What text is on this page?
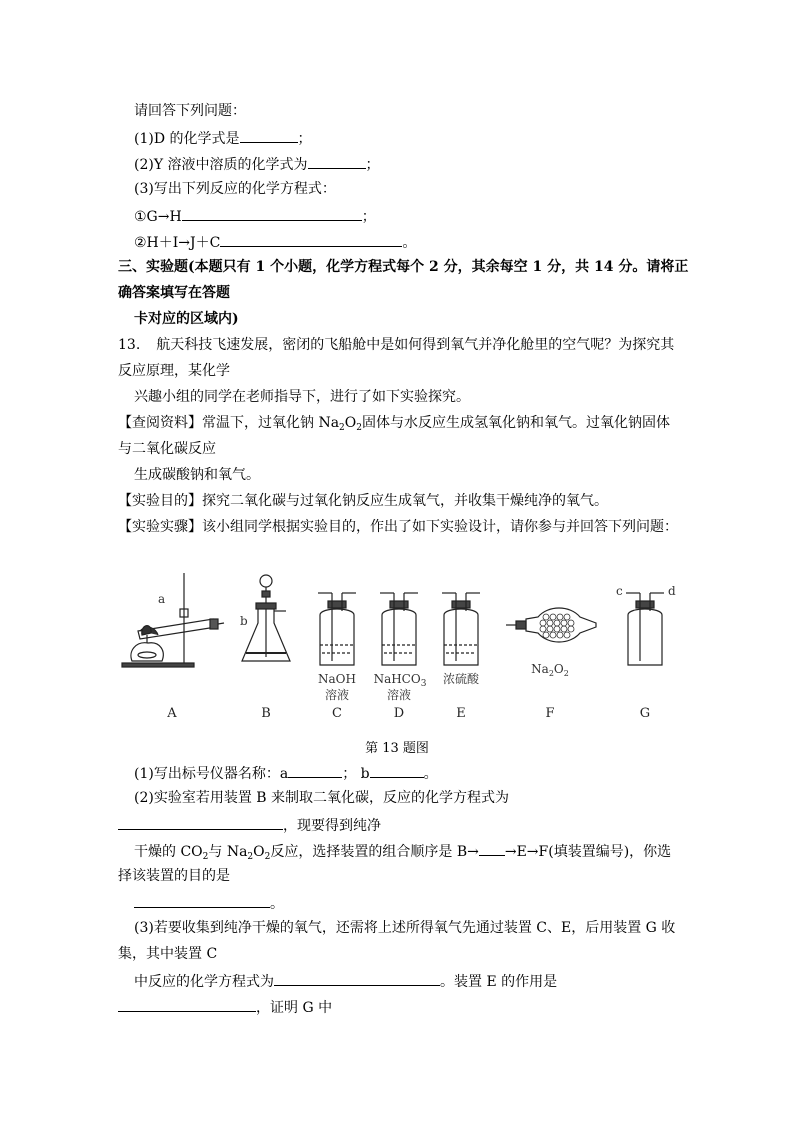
请回答下列问题：
(1)D 的化学式是	；
(2)Y 溶液中溶质的化学式为	；
(3)写出下列反应的化学方程式：
①G→H	；
②H＋I→J＋C	。
三、实验题(本题只有 1 个小题，化学方程式每个 2 分，其余每空 1 分，共 14 分。请将正
确答案填写在答题
卡对应的区域内)
13. 航天科技飞速发展，密闭的飞船舱中是如何得到氧气并净化舱里的空气呢？为探究其
反应原理，某化学
兴趣小组的同学在老师指导下，进行了如下实验探究。
【查阅资料】常温下，过氧化钠 $Na_2O_2$固体与水反应生成氢氧化钠和氧气。过氧化钠固体
与二氧化碳反应
生成碳酸钠和氧气。
【实验目的】探究二氧化碳与过氧化钠反应生成氧气，并收集干燥纯净的氧气。
【实验实骤】该小组同学根据实验目的，作出了如下实验设计，请你参与并回答下列问题：
a
b
NaOH
溶液
NaHCO$_3$
溶液
浓硫酸
$Na_2O_2$
c	d
A	B	C	D	E	F	G
第 13 题图
(1)写出标号仪器名称：a	； b	。
(2)实验室若用装置 B 来制取二氧化碳，反应的化学方程式为
，现要得到纯净
干燥的 $CO_2$与 $Na_2O_2$反应，选择装置的组合顺序是 B→ →E→F(填装置编号)，你选
择该装置的目的是
。
(3)若要收集到纯净干燥的氧气，还需将上述所得氧气先通过装置 C、E，后用装置 G 收
集，其中装置 C
中反应的化学方程式为	。装置 E 的作用是
，证明 G 中
